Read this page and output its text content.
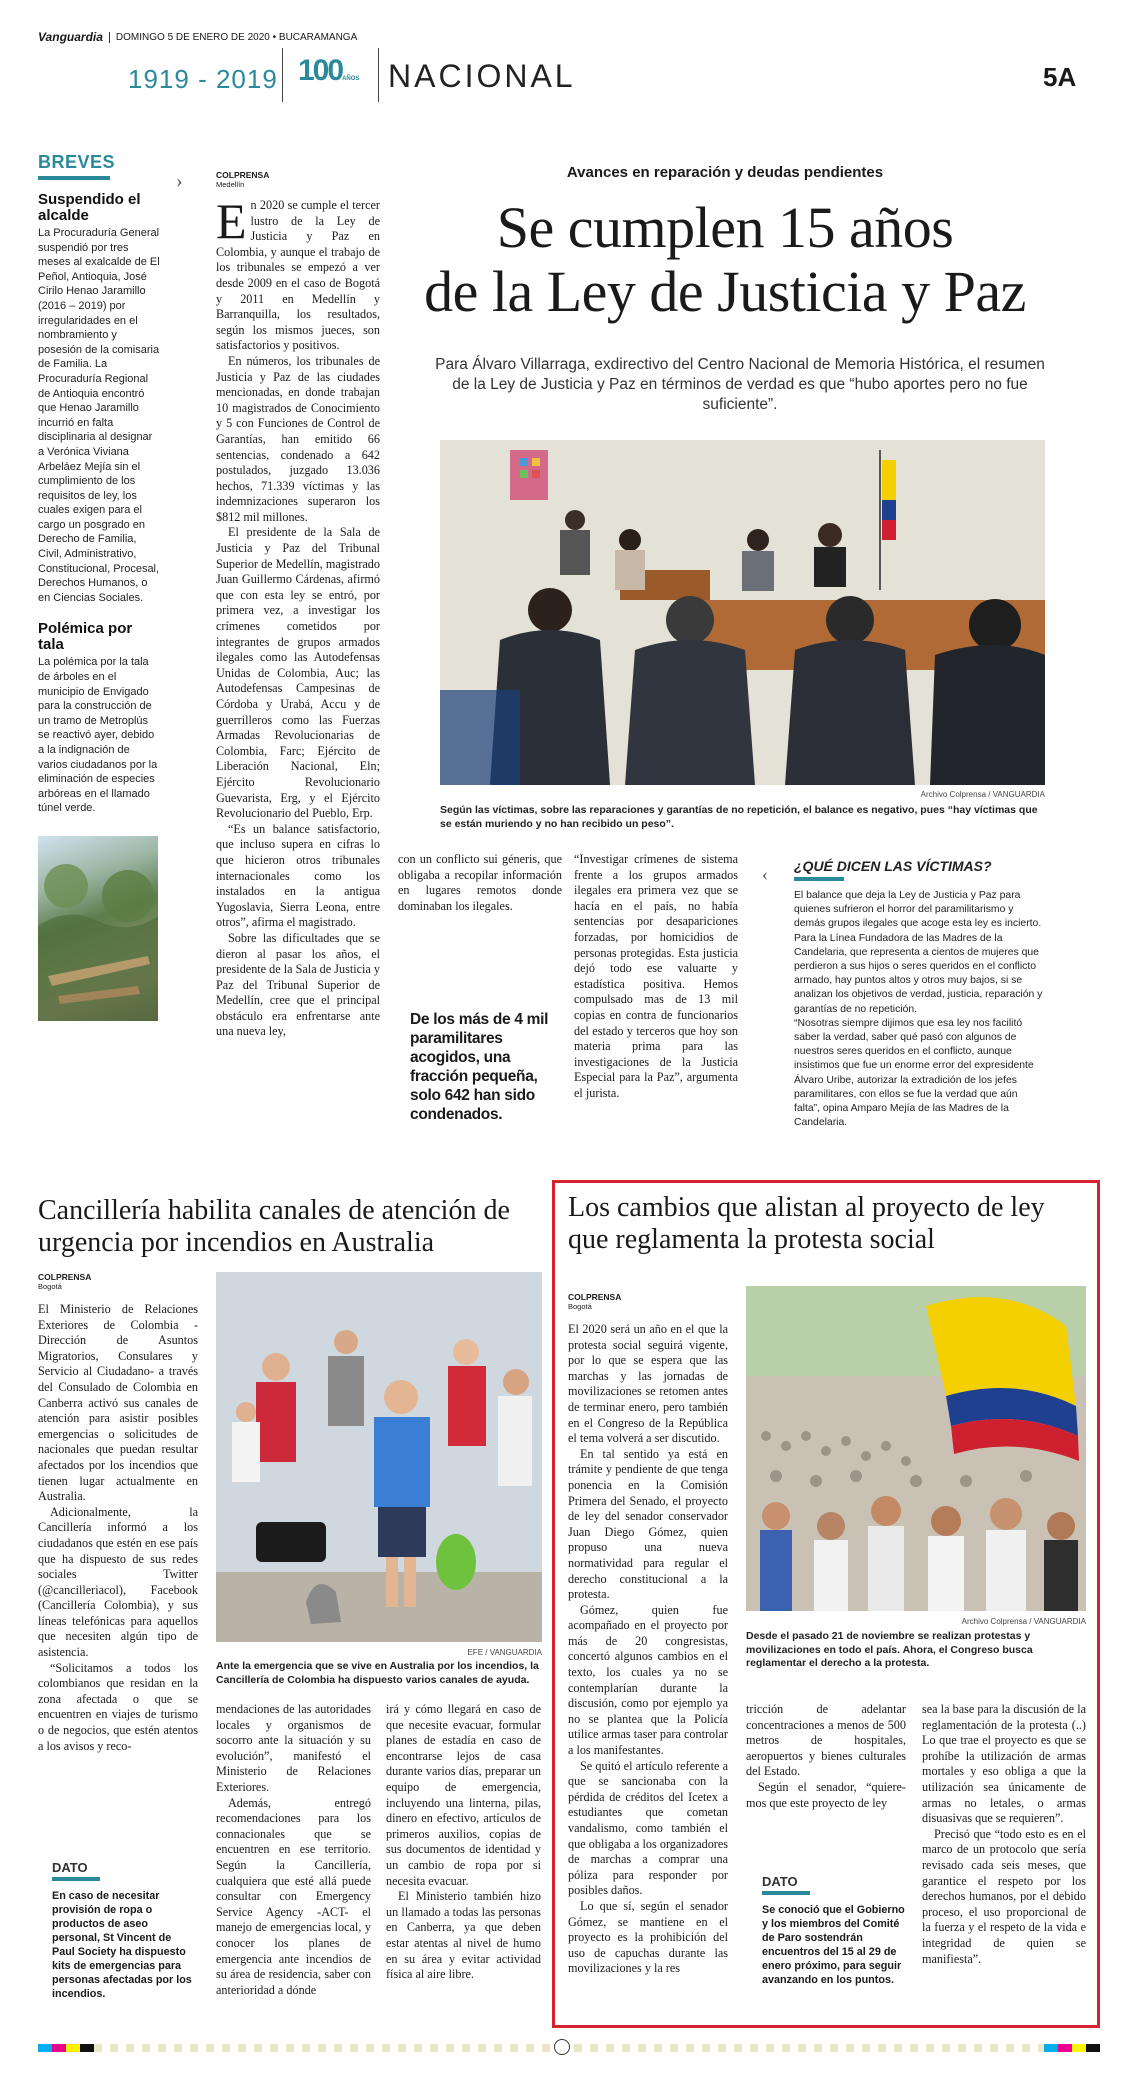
Vanguardia DOMINGO 5 DE ENERO DE 2020 • BUCARAMANGA
1919 - 2019 100AÑOS NACIONAL	5A
BREVES
Suspendido el alcalde

La Procuraduría General suspendió por tres meses al exalcalde de El Peñol, Antioquia, José Cirilo Henao Jaramillo (2016 – 2019) por irregularidades en el nombramiento y posesión de la comisaria de Familia. La Procuraduría Regional de Antioquia encontró que Henao Jaramillo incurrió en falta disciplinaria al designar a Verónica Viviana Arbeláez Mejía sin el cumplimiento de los requisitos de ley, los cuales exigen para el cargo un posgrado en Derecho de Familia, Civil, Administrativo, Constitucional, Procesal, Derechos Humanos, o en Ciencias Sociales.

Polémica por tala

La polémica por la tala de árboles en el municipio de Envigado para la construcción de un tramo de Metroplús se reactivó ayer, debido a la indignación de varios ciudadanos por la eliminación de especies arbóreas en el llamado túnel verde.

›	COLPRENSA
Medellín

En 2020 se cumple el tercer lustro de la Ley de Justicia y Paz en Colombia, y aunque el trabajo de los tribunales se empezó a ver desde 2009 en el caso de Bogotá y 2011 en Medellín y Barranquilla, los resultados, según los mismos jueces, son satisfactorios y positivos.

En números, los tribunales de Justicia y Paz de las ciudades mencionadas, en donde trabajan 10 magistrados de Conocimiento y 5 con Funciones de Control de Garantías, han emitido 66 sentencias, condenado a 642 postulados, juzgado 13.036 hechos, 71.339 víctimas y las indemnizaciones superaron los $812 mil millones.

El presidente de la Sala de Justicia y Paz del Tribunal Superior de Medellín, magistrado Juan Guillermo Cárdenas, afirmó que con esta ley se entró, por primera vez, a investigar los crímenes cometidos por integrantes de grupos armados ilegales como las Autodefensas Unidas de Colombia, Auc; las Autodefensas Campesinas de Córdoba y Urabá, Accu y de guerrilleros como las Fuerzas Armadas Revolucionarias de Colombia, Farc; Ejército de Liberación Nacional, Eln; Ejército Revolucionario Guevarista, Erg, y el Ejército Revolucionario del Pueblo, Erp.

“Es un balance satisfactorio, que incluso supera en cifras lo que hicieron otros tribunales internacionales como los instalados en la antigua Yugoslavia, Sierra Leona, entre otros”, afirma el magistrado.

Sobre las dificultades que se dieron al pasar los años, el presidente de la Sala de Justicia y Paz del Tribunal Superior de Medellín, cree que el principal obstáculo era enfrentarse ante una nueva ley,

Avances en reparación y deudas pendientes
Se cumplen 15 años
de la Ley de Justicia y Paz
Para Álvaro Villarraga, exdirectivo del Centro Nacional de Memoria Histórica, el resumen de la Ley de Justicia y Paz en términos de verdad es que “hubo aportes pero no fue suficiente”.
Archivo Colprensa / VANGUARDIA
Según las víctimas, sobre las reparaciones y garantías de no repetición, el balance es negativo, pues “hay víctimas que se están muriendo y no han recibido un peso”.

con un conflicto sui géneris, que obligaba a recopilar información en lugares remotos donde dominaban los ilegales.

De los más de 4 mil paramilitares acogidos, una fracción pequeña, solo 642 han sido condenados.

“Investigar crímenes de sistema frente a los grupos armados ilegales era primera vez que se hacía en el país, no había sentencias por desapariciones forzadas, por homicidios de personas protegidas. Esta justicia dejó todo ese valuarte y estadística positiva. Hemos compulsado mas de 13 mil copias en contra de funcionarios del estado y terceros que hoy son materia prima para las investigaciones de la Justicia Especial para la Paz”, argumenta el jurista.

‹ ¿QUÉ DICEN LAS VÍCTIMAS?

El balance que deja la Ley de Justicia y Paz para quienes sufrieron el horror del paramilitarismo y demás grupos ilegales que acoge esta ley es incierto.

Para la Línea Fundadora de las Madres de la Candelaria, que representa a cientos de mujeres que perdieron a sus hijos o seres queridos en el conflicto armado, hay puntos altos y otros muy bajos, si se analizan los objetivos de verdad, justicia, reparación y garantías de no repetición.

“Nosotras siempre dijimos que esa ley nos facilitó saber la verdad, saber qué pasó con algunos de nuestros seres queridos en el conflicto, aunque insistimos que fue un enorme error del expresidente Álvaro Uribe, autorizar la extradición de los jefes paramilitares, con ellos se fue la verdad que aún falta”, opina Amparo Mejía de las Madres de la Candelaria.

Cancillería habilita canales de atención de urgencia por incendios en Australia
COLPRENSA
Bogotá

El Ministerio de Relaciones Exteriores de Colombia -Dirección de Asuntos Migratorios, Consulares y Servicio al Ciudadano- a través del Consulado de Colombia en Canberra activó sus canales de atención para asistir posibles emergencias o solicitudes de nacionales que puedan resultar afectados por los incendios que tienen lugar actualmente en Australia.

Adicionalmente, la Cancillería informó a los ciudadanos que estén en ese país que ha dispuesto de sus redes sociales Twitter (@cancilleriacol), Facebook (Cancillería Colombia), y sus líneas telefónicas para aquellos que necesiten algún tipo de asistencia.

“Solicitamos a todos los colombianos que residan en la zona afectada o que se encuentren en viajes de turismo o de negocios, que estén atentos a los avisos y reco-

EFE / VANGUARDIA
Ante la emergencia que se vive en Australia por los incendios, la Cancillería de Colombia ha dispuesto varios canales de ayuda.

mendaciones de las autoridades locales y organismos de socorro ante la situación y su evolución”, manifestó el Ministerio de Relaciones Exteriores.

Además, entregó recomendaciones para los connacionales que se encuentren en ese territorio. Según la Cancillería, cualquiera que esté allá puede consultar con Emergency Service Agency -ACT- el manejo de emergencias local, y conocer los planes de emergencia ante incendios de su área de residencia, saber con anterioridad a dónde

irá y cómo llegará en caso de que necesite evacuar, formular planes de estadía en caso de encontrarse lejos de casa durante varios días, preparar un equipo de emergencia, incluyendo una linterna, pilas, dinero en efectivo, artículos de primeros auxilios, copias de sus documentos de identidad y un cambio de ropa por si necesita evacuar.

El Ministerio también hizo un llamado a todas las personas en Canberra, ya que deben estar atentas al nivel de humo en su área y evitar actividad física al aire libre.

DATO

En caso de necesitar provisión de ropa o productos de aseo personal, St Vincent de Paul Society ha dispuesto kits de emergencias para personas afectadas por los incendios.

Los cambios que alistan al proyecto de ley que reglamenta la protesta social
COLPRENSA
Bogotá

El 2020 será un año en el que la protesta social seguirá vigente, por lo que se espera que las marchas y las jornadas de movilizaciones se retomen antes de terminar enero, pero también en el Congreso de la República el tema volverá a ser discutido.

En tal sentido ya está en trámite y pendiente de que tenga ponencia en la Comisión Primera del Senado, el proyecto de ley del senador conservador Juan Diego Gómez, quien propuso una nueva normatividad para regular el derecho constitucional a la protesta.

Gómez, quien fue acompañado en el proyecto por más de 20 congresistas, concertó algunos cambios en el texto, los cuales ya no se contemplarían durante la discusión, como por ejemplo ya no se plantea que la Policía utilice armas taser para controlar a los manifestantes.

Se quitó el artículo referente a que se sancionaba con la pérdida de créditos del Icetex a estudiantes que cometan vandalismo, como también el que obligaba a los organizadores de marchas a comprar una póliza para responder por posibles daños.

Lo que sí, según el senador Gómez, se mantiene en el proyecto es la prohibición del uso de capuchas durante las movilizaciones y la res

Archivo Colprensa / VANGUARDIA
Desde el pasado 21 de noviembre se realizan protestas y movilizaciones en todo el país. Ahora, el Congreso busca reglamentar el derecho a la protesta.

tricción de adelantar concentraciones a menos de 500 metros de hospitales, aeropuertos y bienes culturales del Estado.

Según el senador, “quiere-mos que este proyecto de ley

sea la base para la discusión de la reglamentación de la protesta (..) Lo que trae el proyecto es que se prohíbe la utilización de armas mortales y eso obliga a que la utilización sea únicamente de armas no letales, o armas disuasivas que se requieren”.

Precisó que “todo esto es en el marco de un protocolo que sería revisado cada seis meses, que garantice el respeto por los derechos humanos, por el debido proceso, el uso proporcional de la fuerza y el respeto de la vida e integridad de quien se manifiesta”.

DATO

Se conoció que el Gobierno y los miembros del Comité de Paro sostendrán encuentros del 15 al 29 de enero próximo, para seguir avanzando en los puntos.
